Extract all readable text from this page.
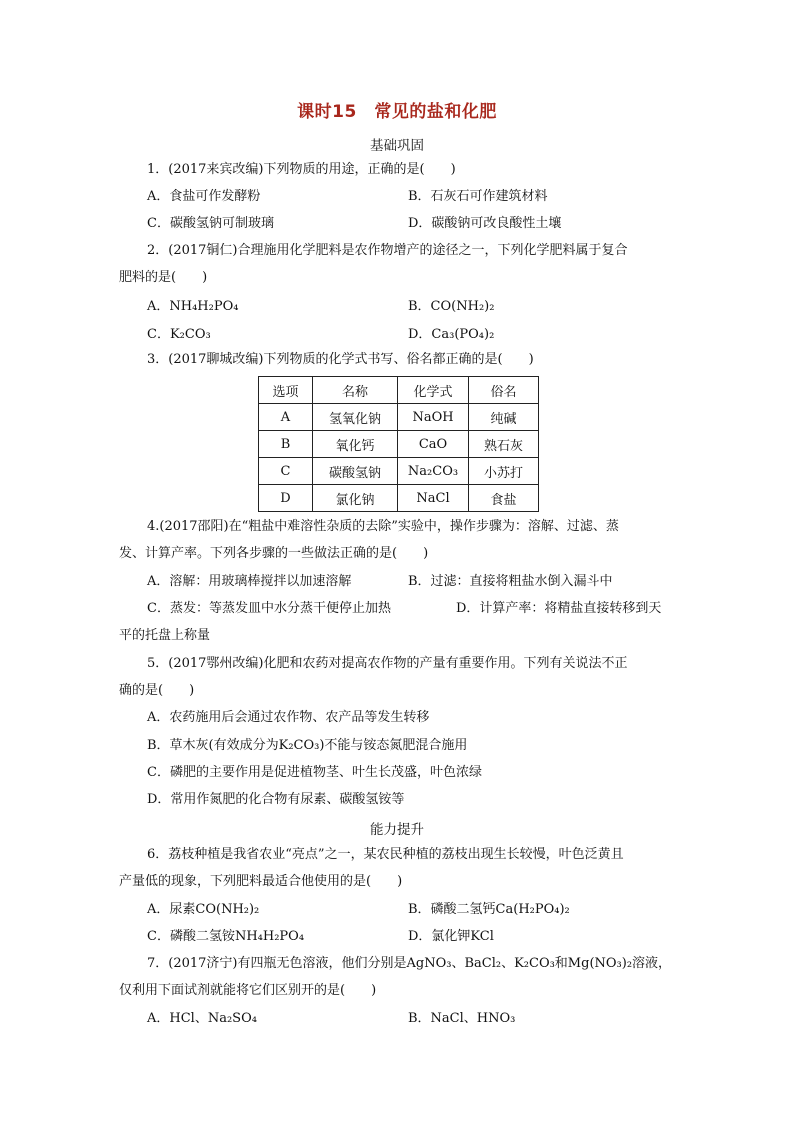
课时15　常见的盐和化肥
基础巩固
1．(2017来宾改编)下列物质的用途，正确的是(　　)
A．食盐可作发酵粉	B．石灰石可作建筑材料
C．碳酸氢钠可制玻璃	D．碳酸钠可改良酸性土壤
2．(2017铜仁)合理施用化学肥料是农作物增产的途径之一，下列化学肥料属于复合
肥料的是(　　)
A．NH₄H₂PO₄	B．CO(NH₂)₂
C．K₂CO₃	D．Ca₃(PO₄)₂
3．(2017聊城改编)下列物质的化学式书写、俗名都正确的是(　　)
选项	名称	化学式	俗名
A	氢氧化钠	NaOH	纯碱
B	氧化钙	CaO	熟石灰
C	碳酸氢钠	Na₂CO₃	小苏打
D	氯化钠	NaCl	食盐
4.(2017邵阳)在“粗盐中难溶性杂质的去除”实验中，操作步骤为：溶解、过滤、蒸
发、计算产率。下列各步骤的一些做法正确的是(　　)
A．溶解：用玻璃棒搅拌以加速溶解	B．过滤：直接将粗盐水倒入漏斗中
C．蒸发：等蒸发皿中水分蒸干便停止加热	D．计算产率：将精盐直接转移到天
平的托盘上称量
5．(2017鄂州改编)化肥和农药对提高农作物的产量有重要作用。下列有关说法不正
确的是(　　)
A．农药施用后会通过农作物、农产品等发生转移
B．草木灰(有效成分为K₂CO₃)不能与铵态氮肥混合施用
C．磷肥的主要作用是促进植物茎、叶生长茂盛，叶色浓绿
D．常用作氮肥的化合物有尿素、碳酸氢铵等
能力提升
6．荔枝种植是我省农业“亮点”之一，某农民种植的荔枝出现生长较慢，叶色泛黄且
产量低的现象，下列肥料最适合他使用的是(　　)
A．尿素CO(NH₂)₂	B．磷酸二氢钙Ca(H₂PO₄)₂
C．磷酸二氢铵NH₄H₂PO₄	D．氯化钾KCl
7．(2017济宁)有四瓶无色溶液，他们分别是AgNO₃、BaCl₂、K₂CO₃和Mg(NO₃)₂溶液，
仅利用下面试剂就能将它们区别开的是(　　)
A．HCl、Na₂SO₄	B．NaCl、HNO₃
